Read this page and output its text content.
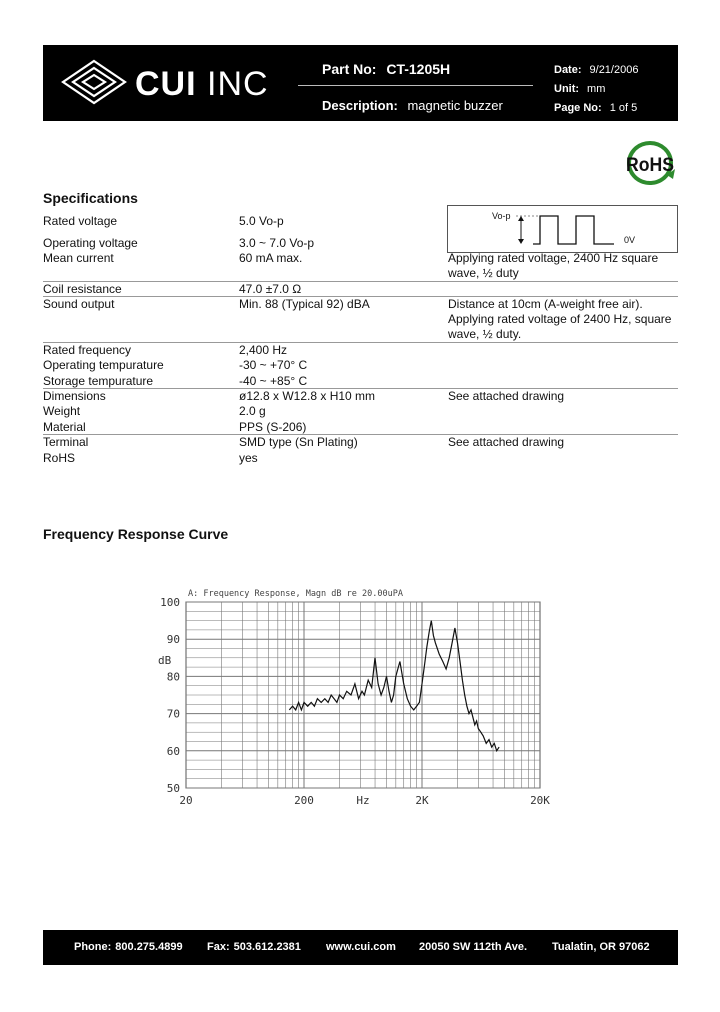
CUI INC	Part No: CT-1205H
Description: magnetic buzzer
Date: 9/21/2006
Unit: mm
Page No: 1 of 5
RoHS
Specifications
Vo-p
0V
Rated voltage	5.0 Vo-p
Operating voltage	3.0 ~ 7.0 Vo-p
Mean current	60 mA max.	Applying rated voltage, 2400 Hz square wave, ½ duty
Coil resistance	47.0 ±7.0 Ω
Sound output	Min. 88 (Typical 92) dBA	Distance at 10cm (A-weight free air). Applying rated voltage of 2400 Hz, square wave, ½ duty.
Rated frequency	2,400 Hz
Operating tempurature	-30 ~ +70° C
Storage tempurature	-40 ~ +85° C
Dimensions	ø12.8 x W12.8 x H10 mm	See attached drawing
Weight	2.0 g
Material	PPS (S-206)
Terminal	SMD type (Sn Plating)	See attached drawing
RoHS	yes
Frequency Response Curve
50
60
70
80
90
100
20	200	Hz	2K	20K
dB
A: Frequency Response, Magn dB re 20.00uPA
Phone: 800.275.4899 Fax: 503.612.2381 www.cui.com 20050 SW 112th Ave. Tualatin, OR 97062
